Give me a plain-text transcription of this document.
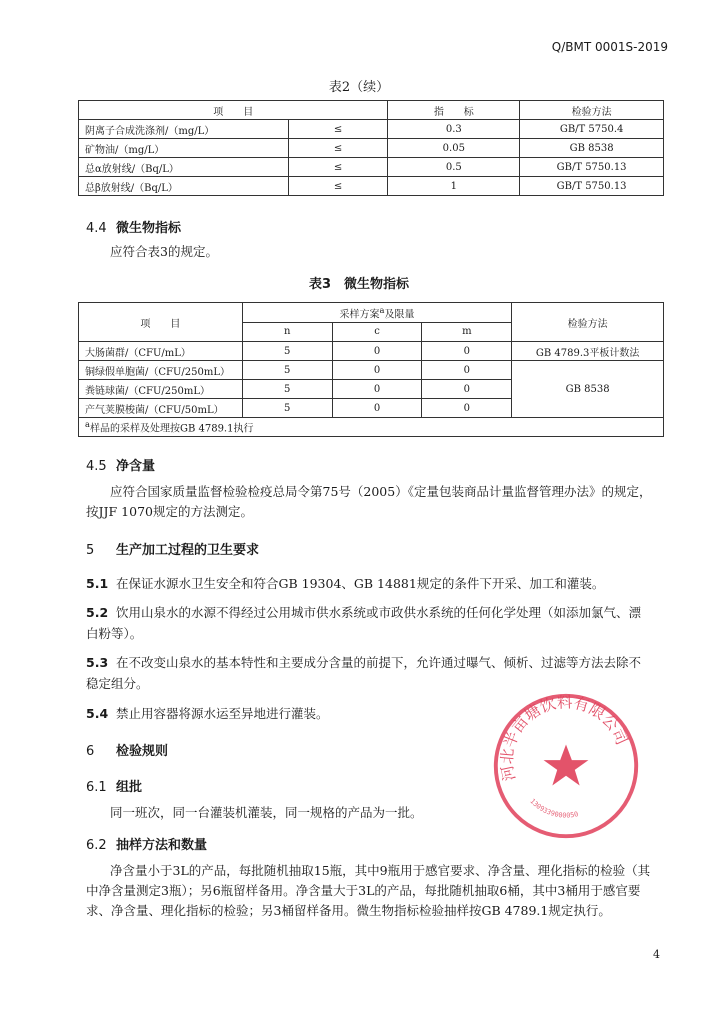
Q/BMT 0001S-2019
表2（续）
项　　目		指　　标	检验方法
阴离子合成洗涤剂/（mg/L）	≤	0.3	GB/T 5750.4
矿物油/（mg/L）	≤	0.05	GB 8538
总α放射线/（Bq/L）	≤	0.5	GB/T 5750.13
总β放射线/（Bq/L）	≤	1	GB/T 5750.13
4.4 微生物指标
应符合表3的规定。
表3　微生物指标
项　　目	采样方案$^a$及限量			检验方法
	n	c	m	
大肠菌群/（CFU/mL）	5	0	0	GB 4789.3平板计数法
铜绿假单胞菌/（CFU/250mL）	5	0	0	GB 8538
粪链球菌/（CFU/250mL）	5	0	0	
产气荚膜梭菌/（CFU/50mL）	5	0	0	
$^a$样品的采样及处理按GB 4789.1执行				
4.5 净含量
应符合国家质量监督检验检疫总局令第75号（2005）《定量包装商品计量监督管理办法》的规定，
按JJF 1070规定的方法测定。
5 生产加工过程的卫生要求
5.1 在保证水源水卫生安全和符合GB 19304、GB 14881规定的条件下开采、加工和灌装。
5.2 饮用山泉水的水源不得经过公用城市供水系统或市政供水系统的任何化学处理（如添加氯气、漂
白粉等）。
5.3 在不改变山泉水的基本特性和主要成分含量的前提下，允许通过曝气、倾析、过滤等方法去除不
稳定组分。
5.4 禁止用容器将源水运至异地进行灌装。
6 检验规则
6.1 组批
同一班次，同一台灌装机灌装，同一规格的产品为一批。
6.2 抽样方法和数量
净含量小于3L的产品，每批随机抽取15瓶，其中9瓶用于感官要求、净含量、理化指标的检验（其
中净含量测定3瓶）；另6瓶留样备用。净含量大于3L的产品，每批随机抽取6桶，其中3桶用于感官要
求、净含量、理化指标的检验；另3桶留样备用。微生物指标检验抽样按GB 4789.1规定执行。
河北半亩塘饮料有限公司
1309339000050
4
